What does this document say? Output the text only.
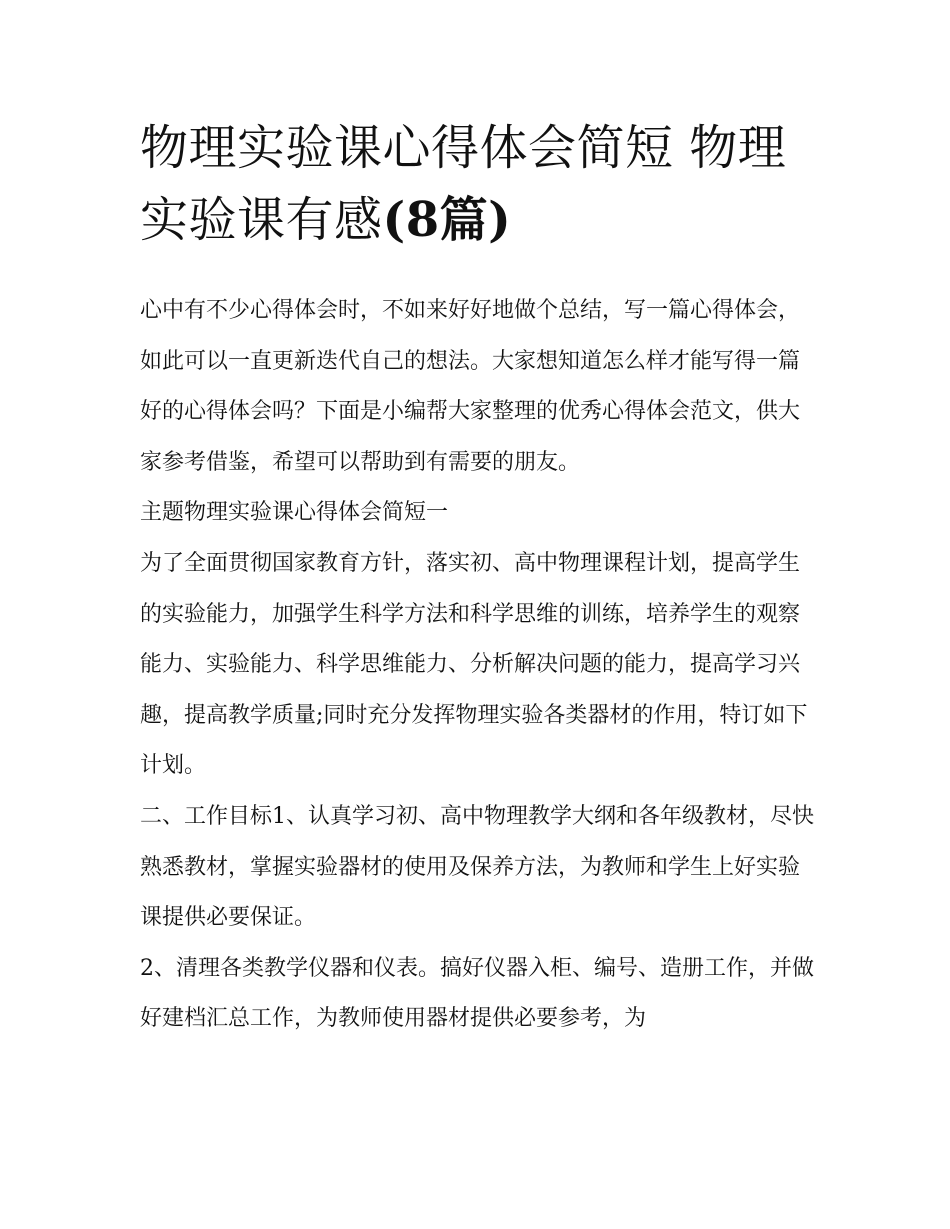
物理实验课心得体会简短 物理实验课有感(8篇)

心中有不少心得体会时，不如来好好地做个总结，写一篇心得体会，如此可以一直更新迭代自己的想法。大家想知道怎么样才能写得一篇好的心得体会吗？下面是小编帮大家整理的优秀心得体会范文，供大家参考借鉴，希望可以帮助到有需要的朋友。

主题物理实验课心得体会简短一

为了全面贯彻国家教育方针，落实初、高中物理课程计划，提高学生的实验能力，加强学生科学方法和科学思维的训练，培养学生的观察能力、实验能力、科学思维能力、分析解决问题的能力，提高学习兴趣，提高教学质量;同时充分发挥物理实验各类器材的作用，特订如下计划。

二、工作目标1、认真学习初、高中物理教学大纲和各年级教材，尽快熟悉教材，掌握实验器材的使用及保养方法，为教师和学生上好实验课提供必要保证。

2、清理各类教学仪器和仪表。搞好仪器入柜、编号、造册工作，并做好建档汇总工作，为教师使用器材提供必要参考，为
